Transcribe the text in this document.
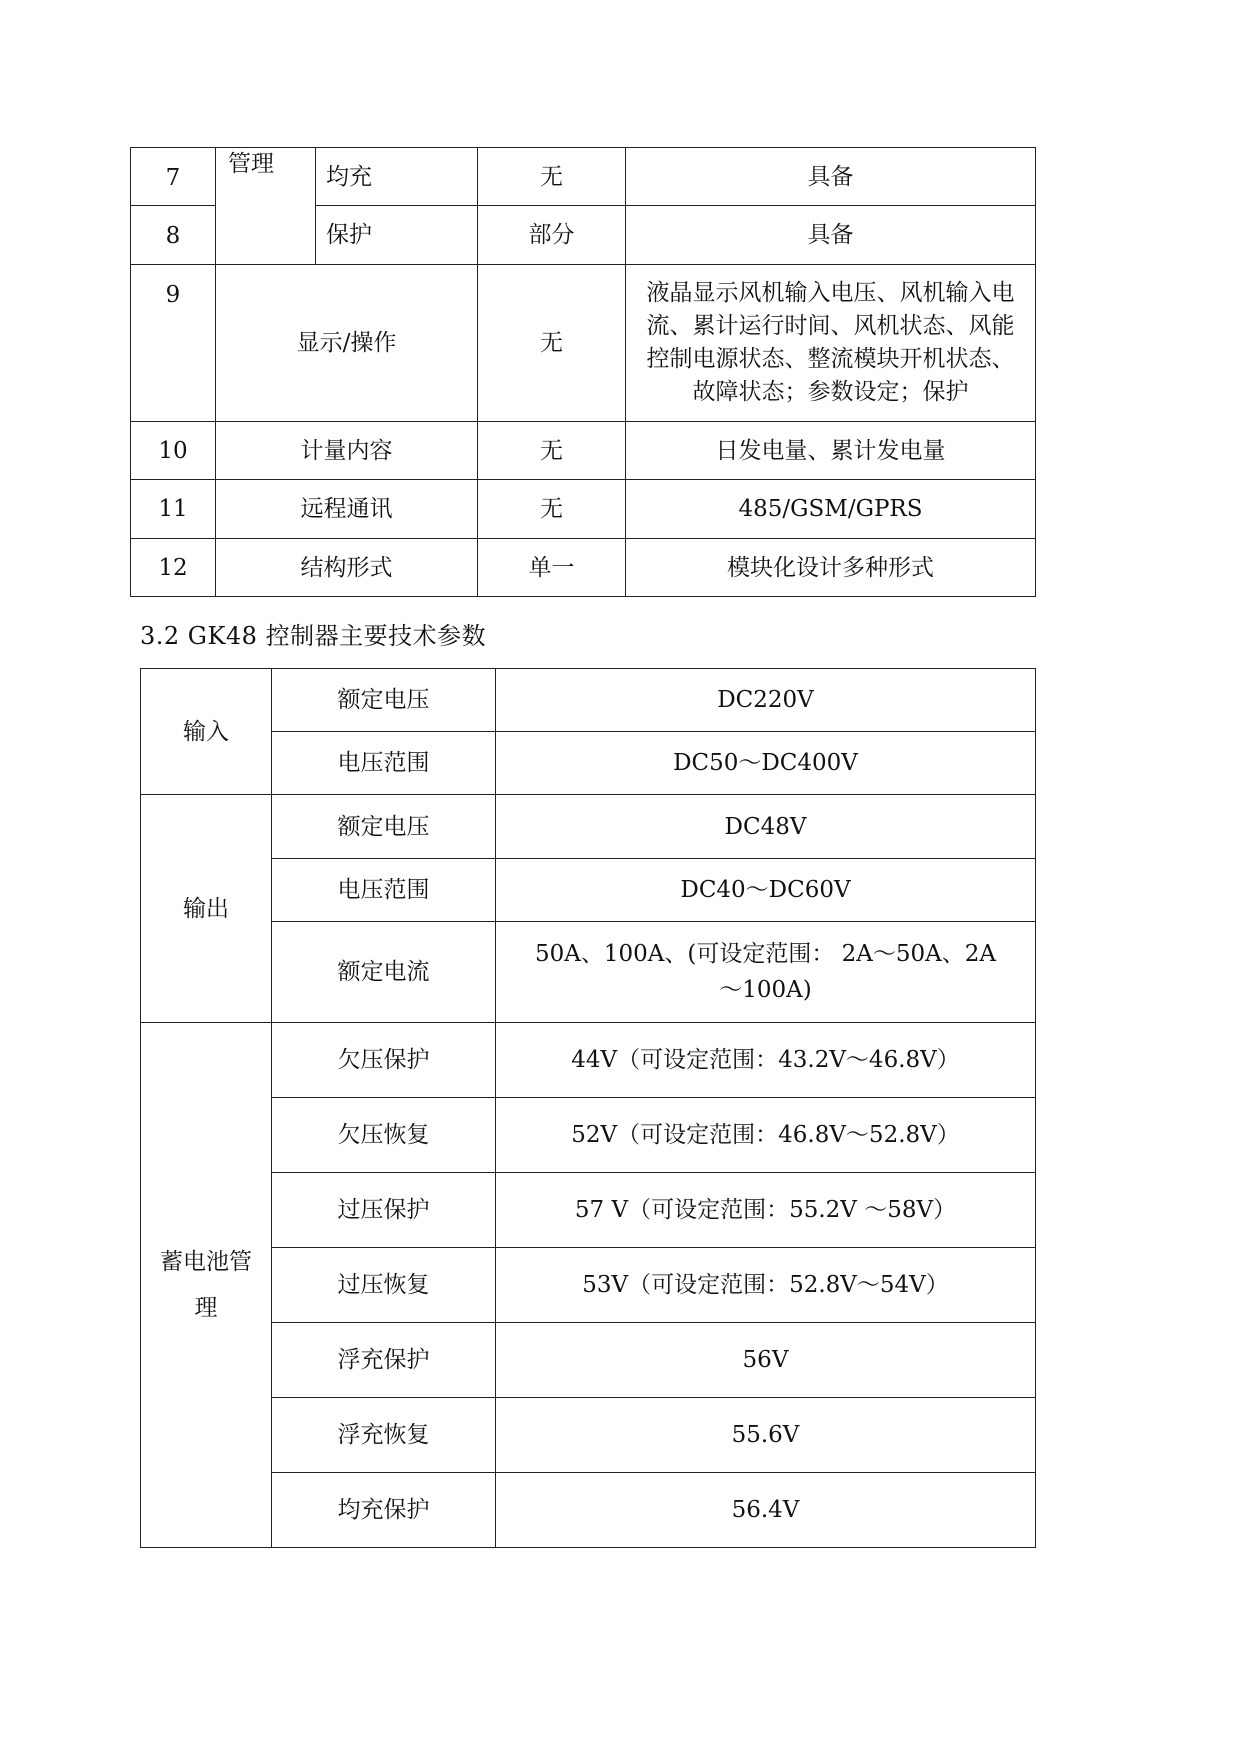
7	管理	均充	无	具备
8		保护	部分	具备
9	显示/操作		无	液晶显示风机输入电压、风机输入电流、累计运行时间、风机状态、风能控制电源状态、整流模块开机状态、故障状态；参数设定；保护
10	计量内容		无	日发电量、累计发电量
11	远程通讯		无	485/GSM/GPRS
12	结构形式		单一	模块化设计多种形式
3.2 GK48 控制器主要技术参数
输入	额定电压	DC220V
	电压范围	DC50～DC400V
输出	额定电压	DC48V
	电压范围	DC40～DC60V
	额定电流	50A、100A、(可设定范围： 2A～50A、2A～100A)
蓄电池管理	欠压保护	44V（可设定范围：43.2V～46.8V）
	欠压恢复	52V（可设定范围：46.8V～52.8V）
	过压保护	57 V（可设定范围：55.2V ～58V）
	过压恢复	53V（可设定范围：52.8V～54V）
	浮充保护	56V
	浮充恢复	55.6V
	均充保护	56.4V
